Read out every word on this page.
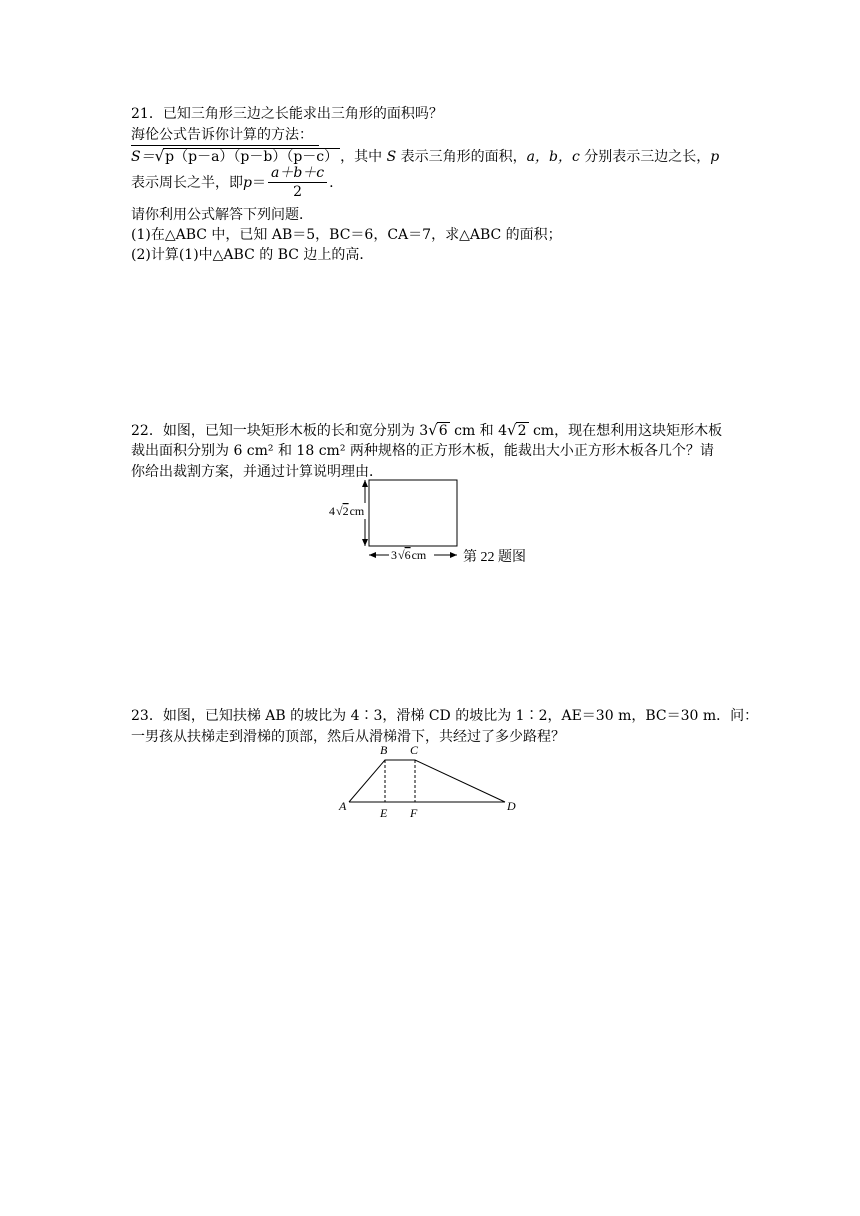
21．已知三角形三边之长能求出三角形的面积吗？
海伦公式告诉你计算的方法：
S＝√p（p－a）（p－b）（p－c） ，其中 S 表示三角形的面积，a，b，c 分别表示三边之长，p
表示周长之半，即 $p = \frac{a+b+c}{2}$ .
请你利用公式解答下列问题．
(1)在△ABC 中，已知 AB＝5，BC＝6，CA＝7，求△ABC 的面积；
(2)计算(1)中△ABC 的 BC 边上的高．
22．如图，已知一块矩形木板的长和宽分别为 3√6 cm 和 4√2 cm，现在想利用这块矩形木板
裁出面积分别为 6 cm² 和 18 cm² 两种规格的正方形木板，能裁出大小正方形木板各几个？请
你给出裁割方案，并通过计算说明理由．
4√2cm
3√6cm	第 22 题图
23．如图，已知扶梯 AB 的坡比为 4∶3，滑梯 CD 的坡比为 1∶2，AE＝30 m，BC＝30 m．问：
一男孩从扶梯走到滑梯的顶部，然后从滑梯滑下，共经过了多少路程？
A
B C
D
E F
